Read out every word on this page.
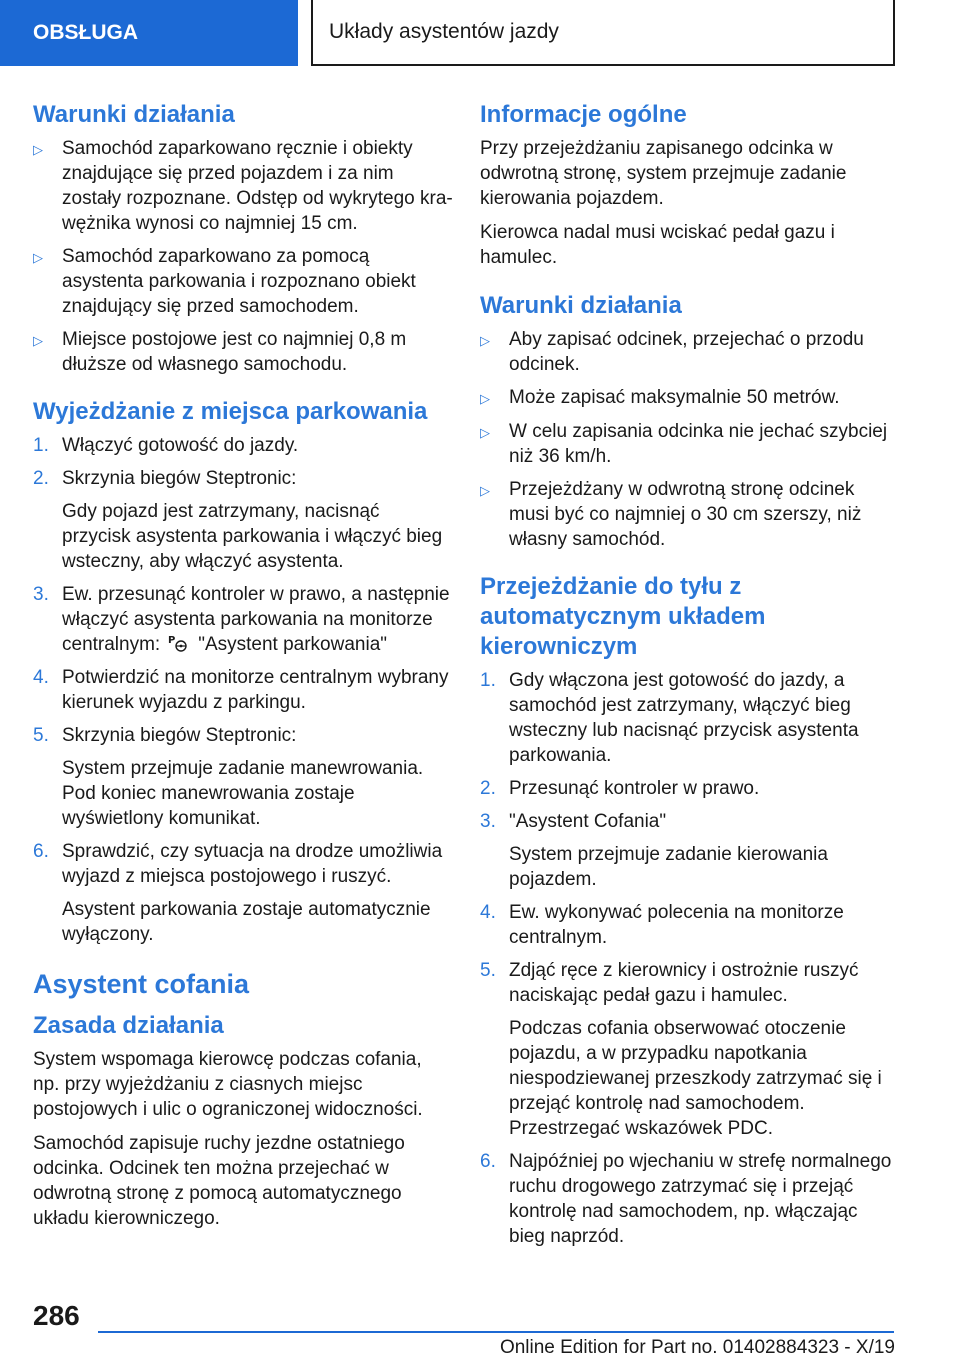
OBSŁUGA	Układy asystentów jazdy
Warunki działania
▷	Samochód zaparkowano ręcznie i obiekty znajdujące się przed pojazdem i za nim zostały rozpoznane. Odstęp od wykrytego krawężnika wynosi co najmniej 15 cm.
▷	Samochód zaparkowano za pomocą asystenta parkowania i rozpoznano obiekt znajdujący się przed samochodem.
▷	Miejsce postojowe jest co najmniej 0,8 m dłuższe od własnego samochodu.
Wyjeżdżanie z miejsca parkowania
1. Włączyć gotowość do jazdy.
2. Skrzynia biegów Steptronic:
Gdy pojazd jest zatrzymany, nacisnąć przycisk asystenta parkowania i włączyć bieg wsteczny, aby włączyć asystenta.
3. Ew. przesunąć kontroler w prawo, a następnie włączyć asystenta parkowania na monitorze centralnym: P "Asystent parkowania"
4. Potwierdzić na monitorze centralnym wybrany kierunek wyjazdu z parkingu.
5. Skrzynia biegów Steptronic:
System przejmuje zadanie manewrowania. Pod koniec manewrowania zostaje wyświetlony komunikat.
6. Sprawdzić, czy sytuacja na drodze umożliwia wyjazd z miejsca postojowego i ruszyć.
Asystent parkowania zostaje automatycznie wyłączony.
Asystent cofania
Zasada działania

System wspomaga kierowcę podczas cofania, np. przy wyjeżdżaniu z ciasnych miejsc postojowych i ulic o ograniczonej widoczności.

Samochód zapisuje ruchy jezdne ostatniego odcinka. Odcinek ten można przejechać w odwrotną stronę z pomocą automatycznego układu kierowniczego.

Informacje ogólne

Przy przejeżdżaniu zapisanego odcinka w odwrotną stronę, system przejmuje zadanie kierowania pojazdem.

Kierowca nadal musi wciskać pedał gazu i hamulec.

Warunki działania
▷	Aby zapisać odcinek, przejechać o przodu odcinek.
▷	Może zapisać maksymalnie 50 metrów.
▷	W celu zapisania odcinka nie jechać szybciej niż 36 km/h.
▷	Przejeżdżany w odwrotną stronę odcinek musi być co najmniej o 30 cm szerszy, niż własny samochód.
Przejeżdżanie do tyłu z automatycznym układem kierowniczym
1. Gdy włączona jest gotowość do jazdy, a samochód jest zatrzymany, włączyć bieg wsteczny lub nacisnąć przycisk asystenta parkowania.
2. Przesunąć kontroler w prawo.
3. "Asystent Cofania"
System przejmuje zadanie kierowania pojazdem.
4. Ew. wykonywać polecenia na monitorze centralnym.
5. Zdjąć ręce z kierownicy i ostrożnie ruszyć naciskając pedał gazu i hamulec.
Podczas cofania obserwować otoczenie pojazdu, a w przypadku napotkania niespodziewanej przeszkody zatrzymać się i przejąć kontrolę nad samochodem. Przestrzegać wskazówek PDC.
6. Najpóźniej po wjechaniu w strefę normalnego ruchu drogowego zatrzymać się i przejąć kontrolę nad samochodem, np. włączając bieg naprzód.
286
Online Edition for Part no. 01402884323 - X/19
